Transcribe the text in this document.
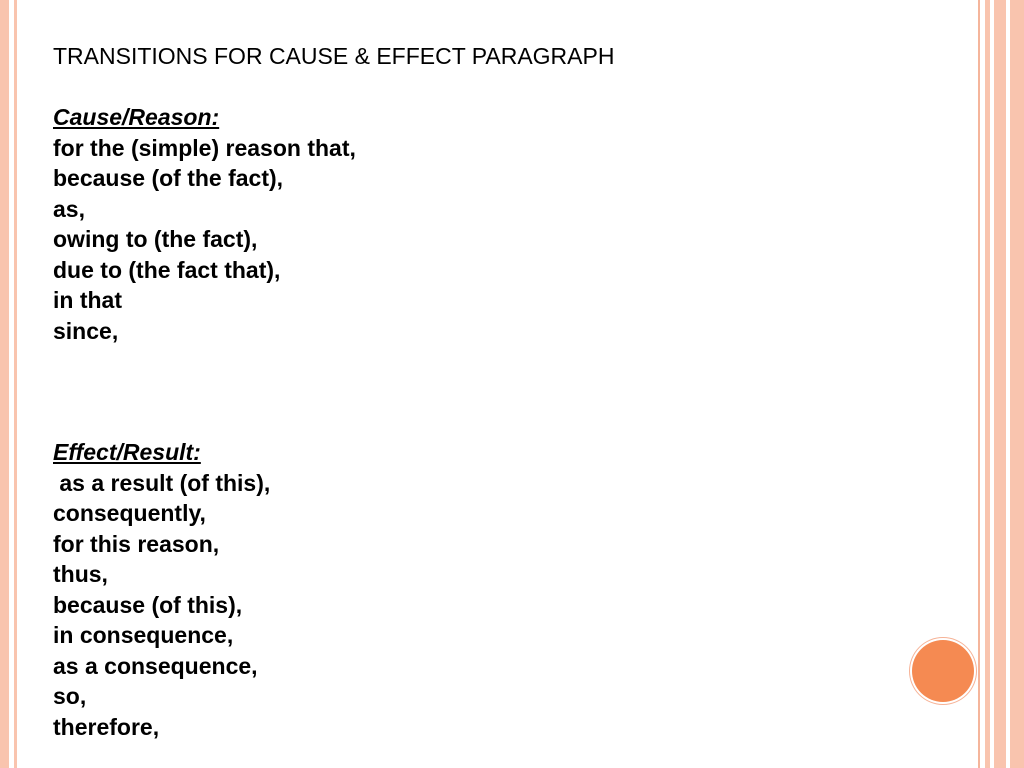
TRANSITIONS FOR CAUSE & EFFECT PARAGRAPH
Cause/Reason:
for the (simple) reason that,
because (of the fact),
as,
owing to (the fact),
due to (the fact that),
in that
since,
Effect/Result:
as a result (of this),
consequently,
for this reason,
thus,
because (of this),
in consequence,
as a consequence,
so,
therefore,
